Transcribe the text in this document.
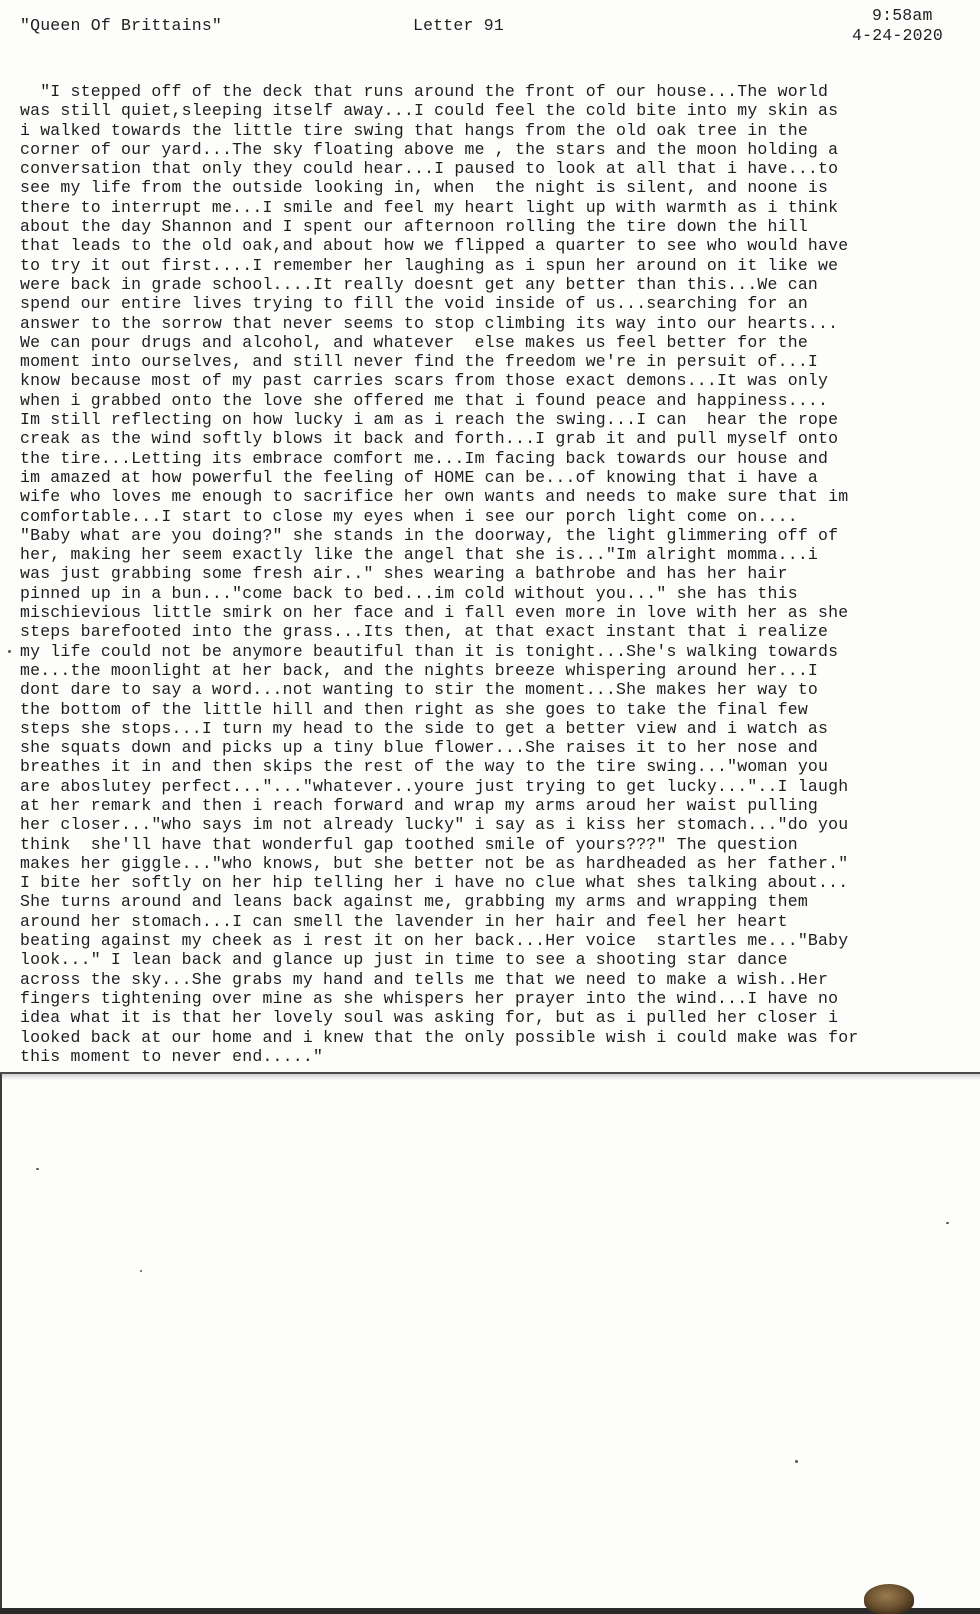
"Queen Of Brittains"	Letter 91
9:58am
4-24-2020
"I stepped off of the deck that runs around the front of our house...The world
was still quiet,sleeping itself away...I could feel the cold bite into my skin as
i walked towards the little tire swing that hangs from the old oak tree in the
corner of our yard...The sky floating above me , the stars and the moon holding a
conversation that only they could hear...I paused to look at all that i have...to
see my life from the outside looking in, when  the night is silent, and noone is
there to interrupt me...I smile and feel my heart light up with warmth as i think
about the day Shannon and I spent our afternoon rolling the tire down the hill
that leads to the old oak,and about how we flipped a quarter to see who would have
to try it out first....I remember her laughing as i spun her around on it like we
were back in grade school....It really doesnt get any better than this...We can
spend our entire lives trying to fill the void inside of us...searching for an
answer to the sorrow that never seems to stop climbing its way into our hearts...
We can pour drugs and alcohol, and whatever  else makes us feel better for the
moment into ourselves, and still never find the freedom we're in persuit of...I
know because most of my past carries scars from those exact demons...It was only
when i grabbed onto the love she offered me that i found peace and happiness....
Im still reflecting on how lucky i am as i reach the swing...I can  hear the rope
creak as the wind softly blows it back and forth...I grab it and pull myself onto
the tire...Letting its embrace comfort me...Im facing back towards our house and
im amazed at how powerful the feeling of HOME can be...of knowing that i have a
wife who loves me enough to sacrifice her own wants and needs to make sure that im
comfortable...I start to close my eyes when i see our porch light come on....
"Baby what are you doing?" she stands in the doorway, the light glimmering off of
her, making her seem exactly like the angel that she is..."Im alright momma...i
was just grabbing some fresh air.." shes wearing a bathrobe and has her hair
pinned up in a bun..."come back to bed...im cold without you..." she has this
mischievious little smirk on her face and i fall even more in love with her as she
steps barefooted into the grass...Its then, at that exact instant that i realize
my life could not be anymore beautiful than it is tonight...She's walking towards
me...the moonlight at her back, and the nights breeze whispering around her...I
dont dare to say a word...not wanting to stir the moment...She makes her way to
the bottom of the little hill and then right as she goes to take the final few
steps she stops...I turn my head to the side to get a better view and i watch as
she squats down and picks up a tiny blue flower...She raises it to her nose and
breathes it in and then skips the rest of the way to the tire swing..."woman you
are aboslutey perfect..."..."whatever..youre just trying to get lucky..."..I laugh
at her remark and then i reach forward and wrap my arms aroud her waist pulling
her closer..."who says im not already lucky" i say as i kiss her stomach..."do you
think  she'll have that wonderful gap toothed smile of yours???" The question
makes her giggle..."who knows, but she better not be as hardheaded as her father."
I bite her softly on her hip telling her i have no clue what shes talking about...
She turns around and leans back against me, grabbing my arms and wrapping them
around her stomach...I can smell the lavender in her hair and feel her heart
beating against my cheek as i rest it on her back...Her voice  startles me..."Baby
look..." I lean back and glance up just in time to see a shooting star dance
across the sky...She grabs my hand and tells me that we need to make a wish..Her
fingers tightening over mine as she whispers her prayer into the wind...I have no
idea what it is that her lovely soul was asking for, but as i pulled her closer i
looked back at our home and i knew that the only possible wish i could make was for
this moment to never end....."
